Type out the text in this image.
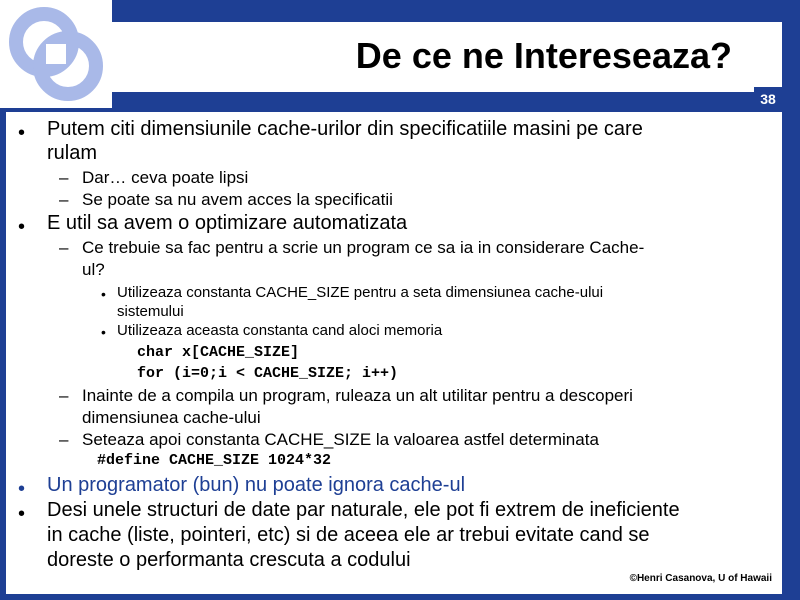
De ce ne Intereseaza?
38
• Putem citi dimensiunile cache-urilor din specificatiile masini pe care
rulam
– Dar… ceva poate lipsi
– Se poate sa nu avem acces la specificatii
• E util sa avem o optimizare automatizata
– Ce trebuie sa fac pentru a scrie un program ce sa ia in considerare Cache-
ul?
• Utilizeaza constanta CACHE_SIZE pentru a seta dimensiunea cache-ului
sistemului
• Utilizeaza aceasta constanta cand aloci memoria
char x[CACHE_SIZE]
for (i=0;i < CACHE_SIZE; i++)
– Inainte de a compila un program, ruleaza un alt utilitar pentru a descoperi
dimensiunea cache-ului
– Seteaza apoi constanta CACHE_SIZE la valoarea astfel determinata
#define CACHE_SIZE 1024*32
• Un programator (bun) nu poate ignora cache-ul
• Desi unele structuri de date par naturale, ele pot fi extrem de ineficiente
in cache (liste, pointeri, etc) si de aceea ele ar trebui evitate cand se
doreste o performanta crescuta a codului
©Henri Casanova, U of Hawaii
